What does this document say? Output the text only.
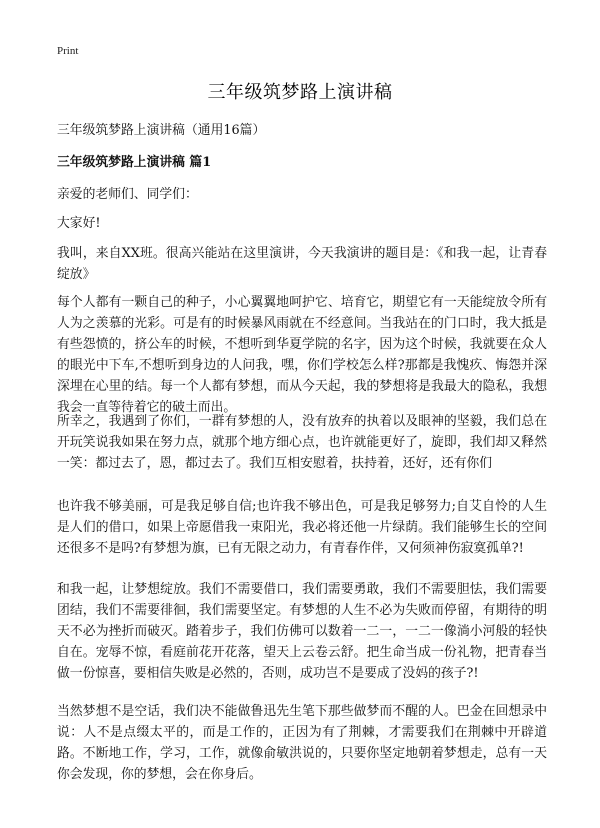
Print
三年级筑梦路上演讲稿
三年级筑梦路上演讲稿（通用16篇）
三年级筑梦路上演讲稿 篇1
亲爱的老师们、同学们：
大家好!
我叫，来自XX班。很高兴能站在这里演讲，今天我演讲的题目是：《和我一起，让青春绽放》
每个人都有一颗自己的种子，小心翼翼地呵护它、培育它，期望它有一天能绽放令所有人为之羡慕的光彩。可是有的时候暴风雨就在不经意间。当我站在的门口时，我大抵是有些怨愤的，挤公车的时候，不想听到华夏学院的名字，因为这个时候，我就要在众人的眼光中下车,不想听到身边的人问我，嘿，你们学校怎么样?那都是我愧疚、悔怨并深深埋在心里的结。每一个人都有梦想，而从今天起，我的梦想将是我最大的隐私，我想我会一直等待着它的破土而出。
所幸之，我遇到了你们，一群有梦想的人，没有放弃的执着以及眼神的坚毅，我们总在开玩笑说我如果在努力点，就那个地方细心点，也许就能更好了，旋即，我们却又释然一笑：都过去了，恩，都过去了。我们互相安慰着，扶持着，还好，还有你们
也许我不够美丽，可是我足够自信;也许我不够出色，可是我足够努力;自艾自怜的人生是人们的借口，如果上帝愿借我一束阳光，我必将还他一片绿荫。我们能够生长的空间还很多不是吗?有梦想为旗，已有无限之动力，有青春作伴，又何须神伤寂寞孤单?!
和我一起，让梦想绽放。我们不需要借口，我们需要勇敢，我们不需要胆怯，我们需要团结，我们不需要徘徊，我们需要坚定。有梦想的人生不必为失败而停留，有期待的明天不必为挫折而破灭。踏着步子，我们仿佛可以数着一二一，一二一像淌小河般的轻快自在。宠辱不惊，看庭前花开花落，望天上云卷云舒。把生命当成一份礼物，把青春当做一份惊喜，要相信失败是必然的，否则，成功岂不是要成了没妈的孩子?!
当然梦想不是空话，我们决不能做鲁迅先生笔下那些做梦而不醒的人。巴金在回想录中说：人不是点缀太平的，而是工作的，正因为有了荆棘，才需要我们在荆棘中开辟道路。不断地工作，学习，工作，就像俞敏洪说的，只要你坚定地朝着梦想走，总有一天你会发现，你的梦想，会在你身后。
